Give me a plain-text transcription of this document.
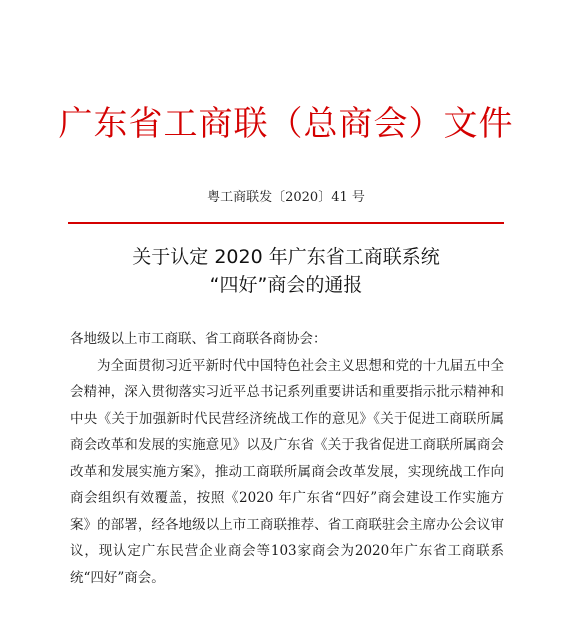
广东省工商联（总商会）文件
粤工商联发〔2020〕41 号
关于认定 2020 年广东省工商联系统
“四好”商会的通报

各地级以上市工商联、省工商联各商协会：

为全面贯彻习近平新时代中国特色社会主义思想和党的十九届五中全会精神，深入贯彻落实习近平总书记系列重要讲话和重要指示批示精神和中央《关于加强新时代民营经济统战工作的意见》《关于促进工商联所属商会改革和发展的实施意见》以及广东省《关于我省促进工商联所属商会改革和发展实施方案》，推动工商联所属商会改革发展，实现统战工作向商会组织有效覆盖，按照《2020 年广东省“四好”商会建设工作实施方案》的部署，经各地级以上市工商联推荐、省工商联驻会主席办公会议审议，现认定广东民营企业商会等103家商会为2020年广东省工商联系统“四好”商会。
